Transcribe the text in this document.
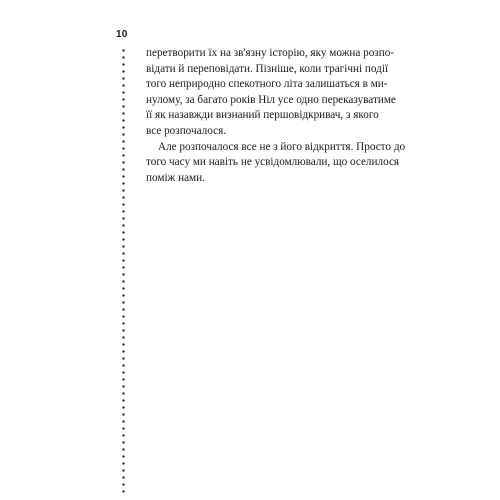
10

перетворити їх на зв'язну історію, яку можна розпо-
відати й переповідати. Пізніше, коли трагічні події
того неприродно спекотного літа залишаться в ми-
нулому, за багато років Ніл усе одно переказуватиме
її як назавжди визнаний першовідкривач, з якого
все розпочалося.

Але розпочалося все не з його відкриття. Просто до
того часу ми навіть не усвідомлювали, що оселилося
поміж нами.
